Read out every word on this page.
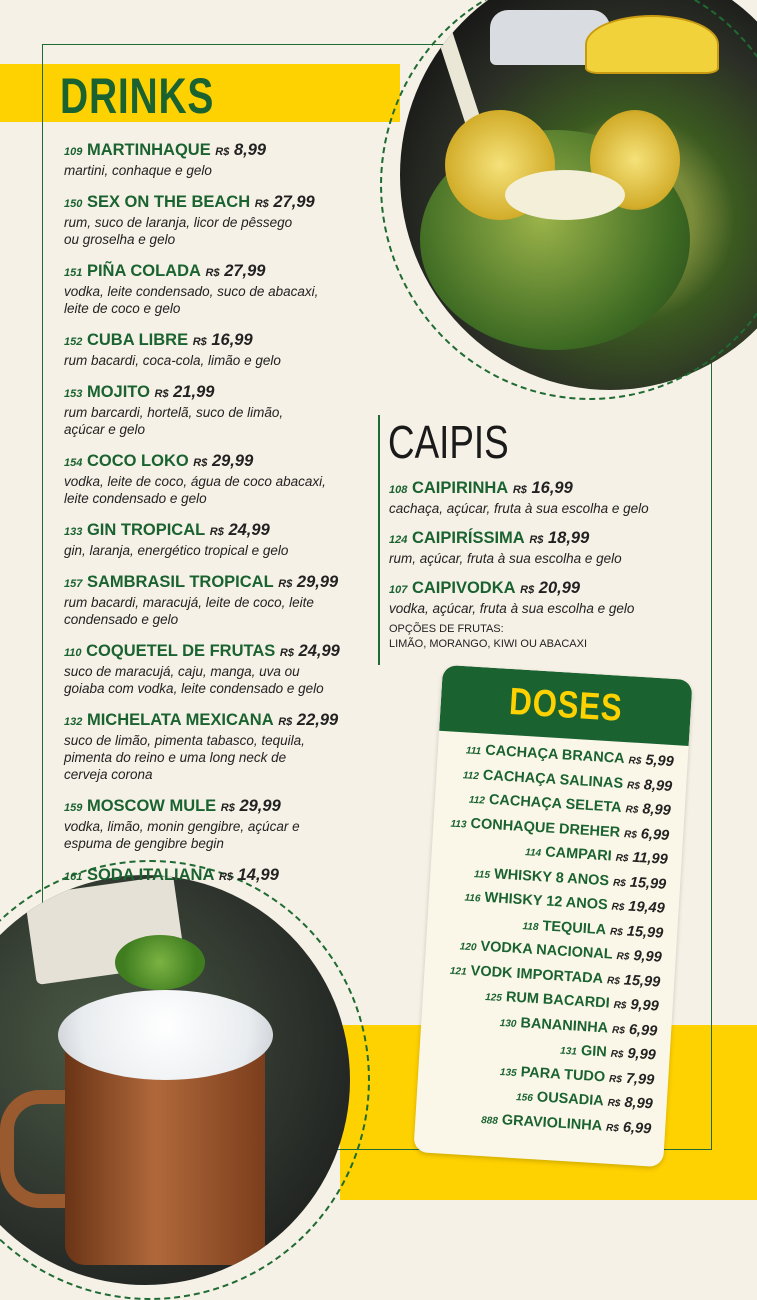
DRINKS
109 MARTINHAQUE R$ 8,99
martini, conhaque e gelo
150 SEX ON THE BEACH R$ 27,99
rum, suco de laranja, licor de pêssego
ou groselha e gelo
151 PIÑA COLADA R$ 27,99
vodka, leite condensado, suco de abacaxi,
leite de coco e gelo
152 CUBA LIBRE R$ 16,99
rum bacardi, coca-cola, limão e gelo
153 MOJITO R$ 21,99
rum barcardi, hortelã, suco de limão,
açúcar e gelo
154 COCO LOKO R$ 29,99
vodka, leite de coco, água de coco abacaxi,
leite condensado e gelo
133 GIN TROPICAL R$ 24,99
gin, laranja, energético tropical e gelo
157 SAMBRASIL TROPICAL R$ 29,99
rum bacardi, maracujá, leite de coco, leite
condensado e gelo
110 COQUETEL DE FRUTAS R$ 24,99
suco de maracujá, caju, manga, uva ou
goiaba com vodka, leite condensado e gelo
132 MICHELATA MEXICANA R$ 22,99
suco de limão, pimenta tabasco, tequila,
pimenta do reino e uma long neck de
cerveja corona
159 MOSCOW MULE R$ 29,99
vodka, limão, monin gengibre, açúcar e
espuma de gengibre begin
161 SODA ITALIANA R$ 14,99
CAIPIS
108 CAIPIRINHA R$ 16,99
cachaça, açúcar, fruta à sua escolha e gelo
124 CAIPIRÍSSIMA R$ 18,99
rum, açúcar, fruta à sua escolha e gelo
107 CAIPIVODKA R$ 20,99
vodka, açúcar, fruta à sua escolha e gelo
OPÇÕES DE FRUTAS:
LIMÃO, MORANGO, KIWI OU ABACAXI
DOSES
111 CACHAÇA BRANCA R$ 5,99
112 CACHAÇA SALINAS R$ 8,99
112 CACHAÇA SELETA R$ 8,99
113 CONHAQUE DREHER R$ 6,99
114 CAMPARI R$ 11,99
115 WHISKY 8 ANOS R$ 15,99
116 WHISKY 12 ANOS R$ 19,49
118 TEQUILA R$ 15,99
120 VODKA NACIONAL R$ 9,99
121 VODK IMPORTADA R$ 15,99
125 RUM BACARDI R$ 9,99
130 BANANINHA R$ 6,99
131 GIN R$ 9,99
135 PARA TUDO R$ 7,99
156 OUSADIA R$ 8,99
888 GRAVIOLINHA R$ 6,99
